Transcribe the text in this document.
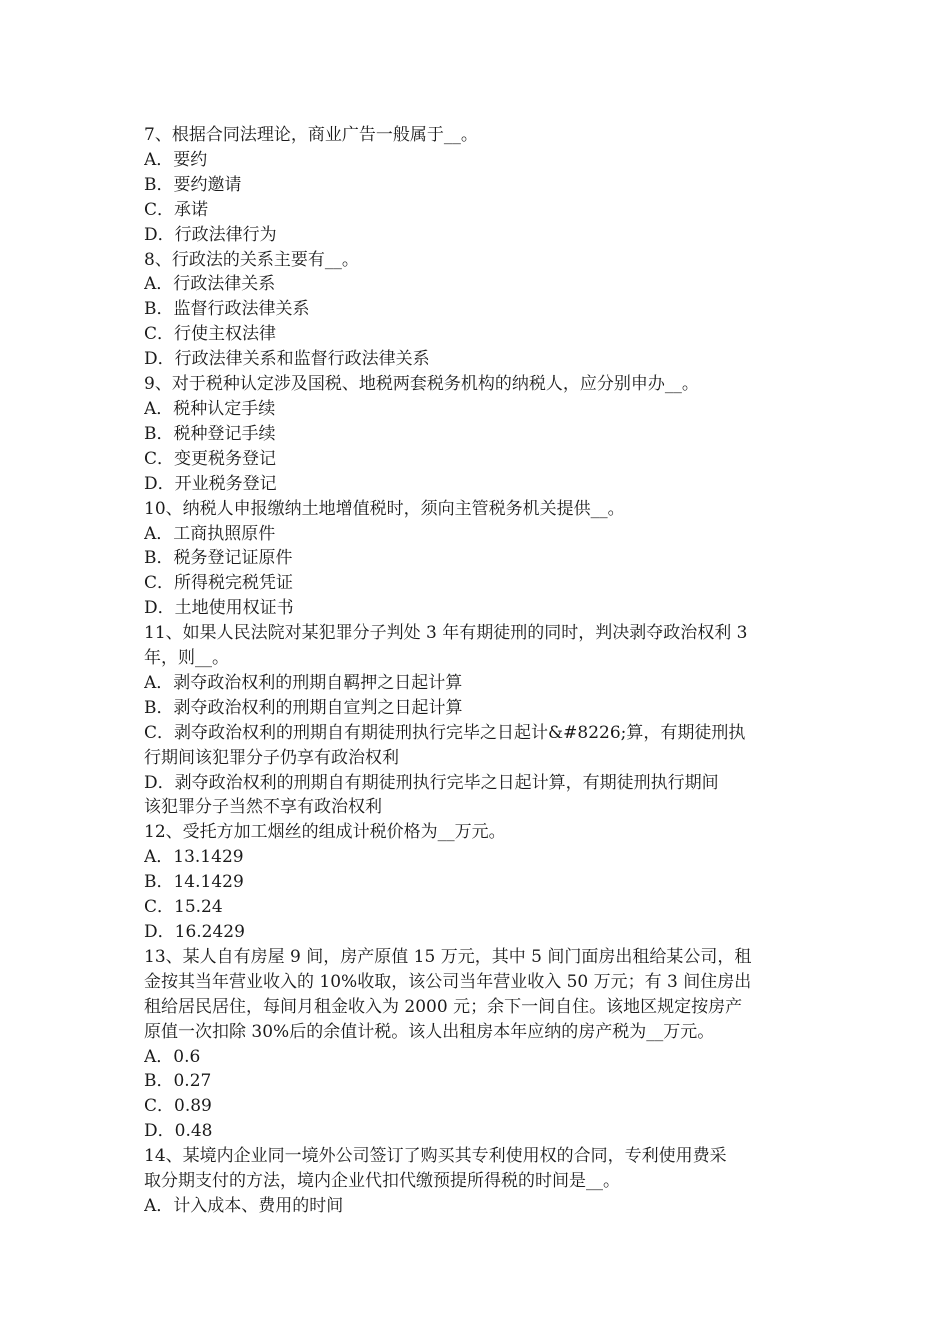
7、根据合同法理论，商业广告一般属于__。
A．要约
B．要约邀请
C．承诺
D．行政法律行为
8、行政法的关系主要有__。
A．行政法律关系
B．监督行政法律关系
C．行使主权法律
D．行政法律关系和监督行政法律关系
9、对于税种认定涉及国税、地税两套税务机构的纳税人，应分别申办__。
A．税种认定手续
B．税种登记手续
C．变更税务登记
D．开业税务登记
10、纳税人申报缴纳土地增值税时，须向主管税务机关提供__。
A．工商执照原件
B．税务登记证原件
C．所得税完税凭证
D．土地使用权证书
11、如果人民法院对某犯罪分子判处 3 年有期徒刑的同时，判决剥夺政治权利 3
年，则__。
A．剥夺政治权利的刑期自羁押之日起计算
B．剥夺政治权利的刑期自宣判之日起计算
C．剥夺政治权利的刑期自有期徒刑执行完毕之日起计&#8226;算，有期徒刑执
行期间该犯罪分子仍享有政治权利
D．剥夺政治权利的刑期自有期徒刑执行完毕之日起计算，有期徒刑执行期间
该犯罪分子当然不享有政治权利
12、受托方加工烟丝的组成计税价格为__万元。
A．13.1429
B．14.1429
C．15.24
D．16.2429
13、某人自有房屋 9 间，房产原值 15 万元，其中 5 间门面房出租给某公司，租
金按其当年营业收入的 10%收取，该公司当年营业收入 50 万元；有 3 间住房出
租给居民居住，每间月租金收入为 2000 元；余下一间自住。该地区规定按房产
原值一次扣除 30%后的余值计税。该人出租房本年应纳的房产税为__万元。
A．0.6
B．0.27
C．0.89
D．0.48
14、某境内企业同一境外公司签订了购买其专利使用权的合同，专利使用费采
取分期支付的方法，境内企业代扣代缴预提所得税的时间是__。
A．计入成本、费用的时间
